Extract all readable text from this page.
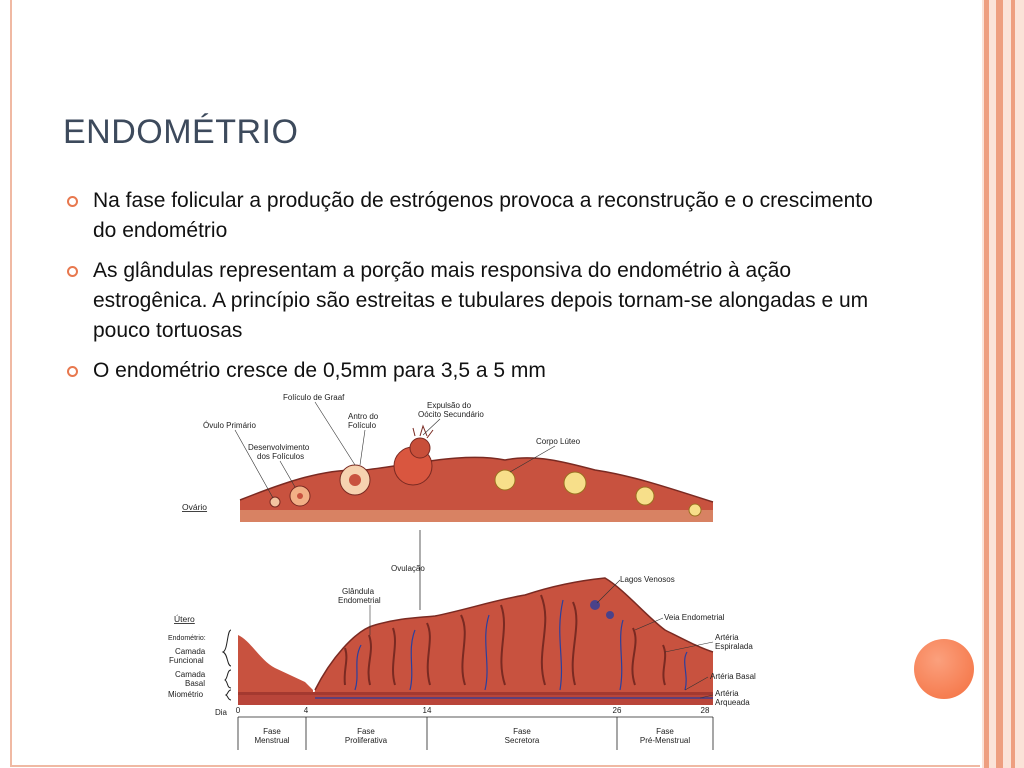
ENDOMÉTRIO
Na fase folicular a produção de estrógenos provoca a reconstrução e o crescimento do endométrio
As glândulas representam a porção mais responsiva do endométrio à ação estrogênica. A princípio são estreitas e tubulares depois tornam-se alongadas e um pouco tortuosas
O endométrio cresce de 0,5mm para 3,5 a 5 mm
Folículo de Graaf
Óvulo Primário
Antro do
Folículo
Expulsão do
Oócito Secundário
Desenvolvimento
dos Folículos
Corpo Lúteo
Ovário
Ovulação
Glândula
Endometrial
Lagos Venosos
Veia Endometrial
Artéria
Espiralada
Artéria Basal
Artéria
Arqueada
Útero
Endométrio:
Camada
Funcional
Camada
Basal
Miométrio
Dia 0	4	14	26	28
Fase
Menstrual
Fase
Proliferativa
Fase
Secretora
Fase
Pré-Menstrual
